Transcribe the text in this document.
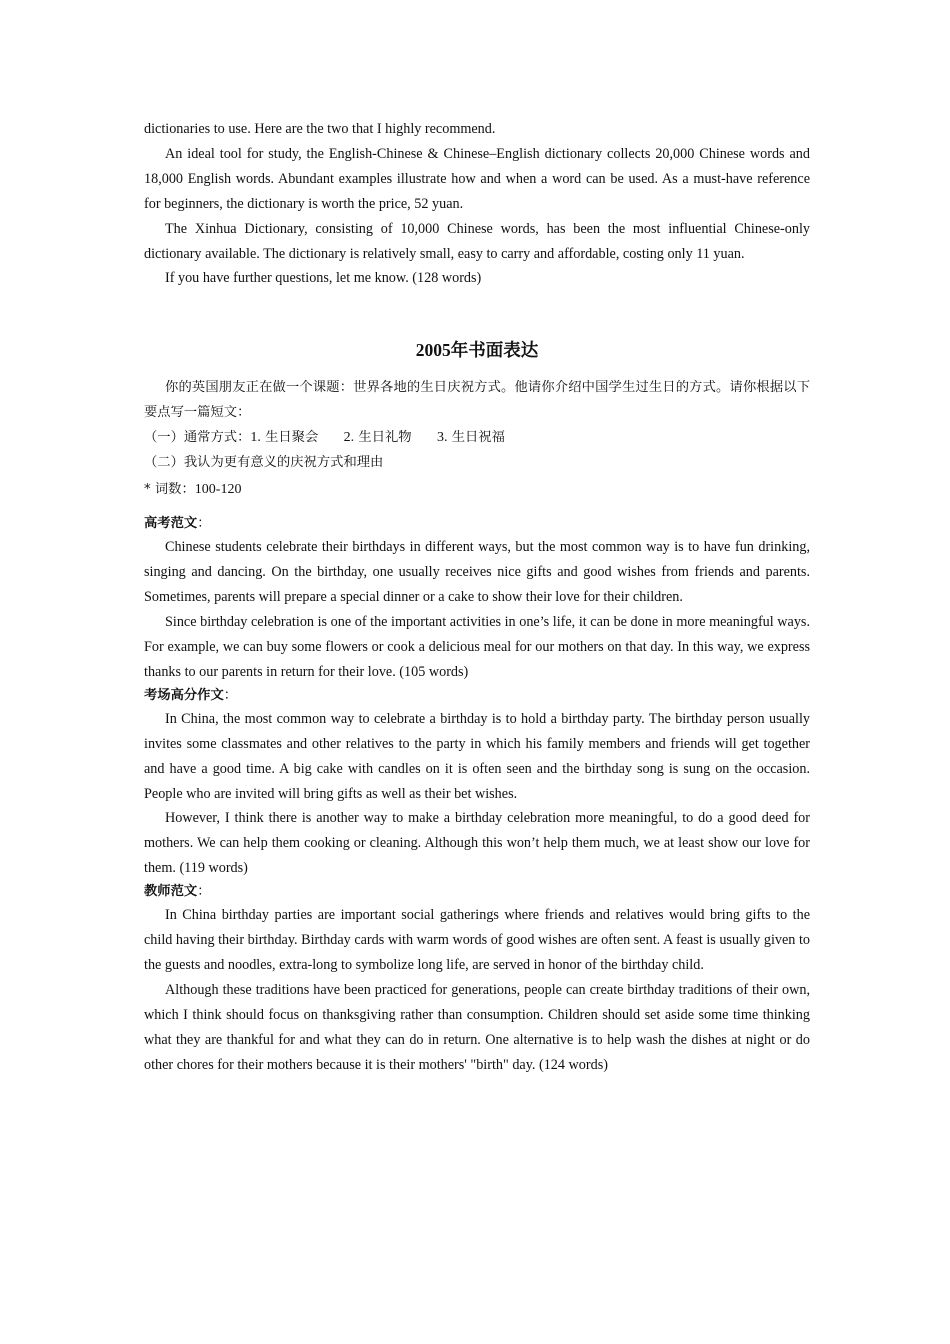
dictionaries to use. Here are the two that I highly recommend.

An ideal tool for study, the English-Chinese & Chinese–English dictionary collects 20,000 Chinese words and 18,000 English words. Abundant examples illustrate how and when a word can be used. As a must-have reference for beginners, the dictionary is worth the price, 52 yuan.

The Xinhua Dictionary, consisting of 10,000 Chinese words, has been the most influential Chinese-only dictionary available. The dictionary is relatively small, easy to carry and affordable, costing only 11 yuan.

If you have further questions, let me know. (128 words)

2005年书面表达

你的英国朋友正在做一个课题：世界各地的生日庆祝方式。他请你介绍中国学生过生日的方式。请你根据以下要点写一篇短文：

（一）通常方式：1. 生日聚会 2. 生日礼物 3. 生日祝福

（二）我认为更有意义的庆祝方式和理由

* 词数：100-120

高考范文：

Chinese students celebrate their birthdays in different ways, but the most common way is to have fun drinking, singing and dancing. On the birthday, one usually receives nice gifts and good wishes from friends and parents. Sometimes, parents will prepare a special dinner or a cake to show their love for their children.

Since birthday celebration is one of the important activities in one’s life, it can be done in more meaningful ways. For example, we can buy some flowers or cook a delicious meal for our mothers on that day. In this way, we express thanks to our parents in return for their love. (105 words)

考场高分作文：

In China, the most common way to celebrate a birthday is to hold a birthday party. The birthday person usually invites some classmates and other relatives to the party in which his family members and friends will get together and have a good time. A big cake with candles on it is often seen and the birthday song is sung on the occasion. People who are invited will bring gifts as well as their bet wishes.

However, I think there is another way to make a birthday celebration more meaningful, to do a good deed for mothers. We can help them cooking or cleaning. Although this won’t help them much, we at least show our love for them. (119 words)

教师范文：

In China birthday parties are important social gatherings where friends and relatives would bring gifts to the child having their birthday. Birthday cards with warm words of good wishes are often sent. A feast is usually given to the guests and noodles, extra-long to symbolize long life, are served in honor of the birthday child.

Although these traditions have been practiced for generations, people can create birthday traditions of their own, which I think should focus on thanksgiving rather than consumption. Children should set aside some time thinking what they are thankful for and what they can do in return. One alternative is to help wash the dishes at night or do other chores for their mothers because it is their mothers' "birth" day. (124 words)
